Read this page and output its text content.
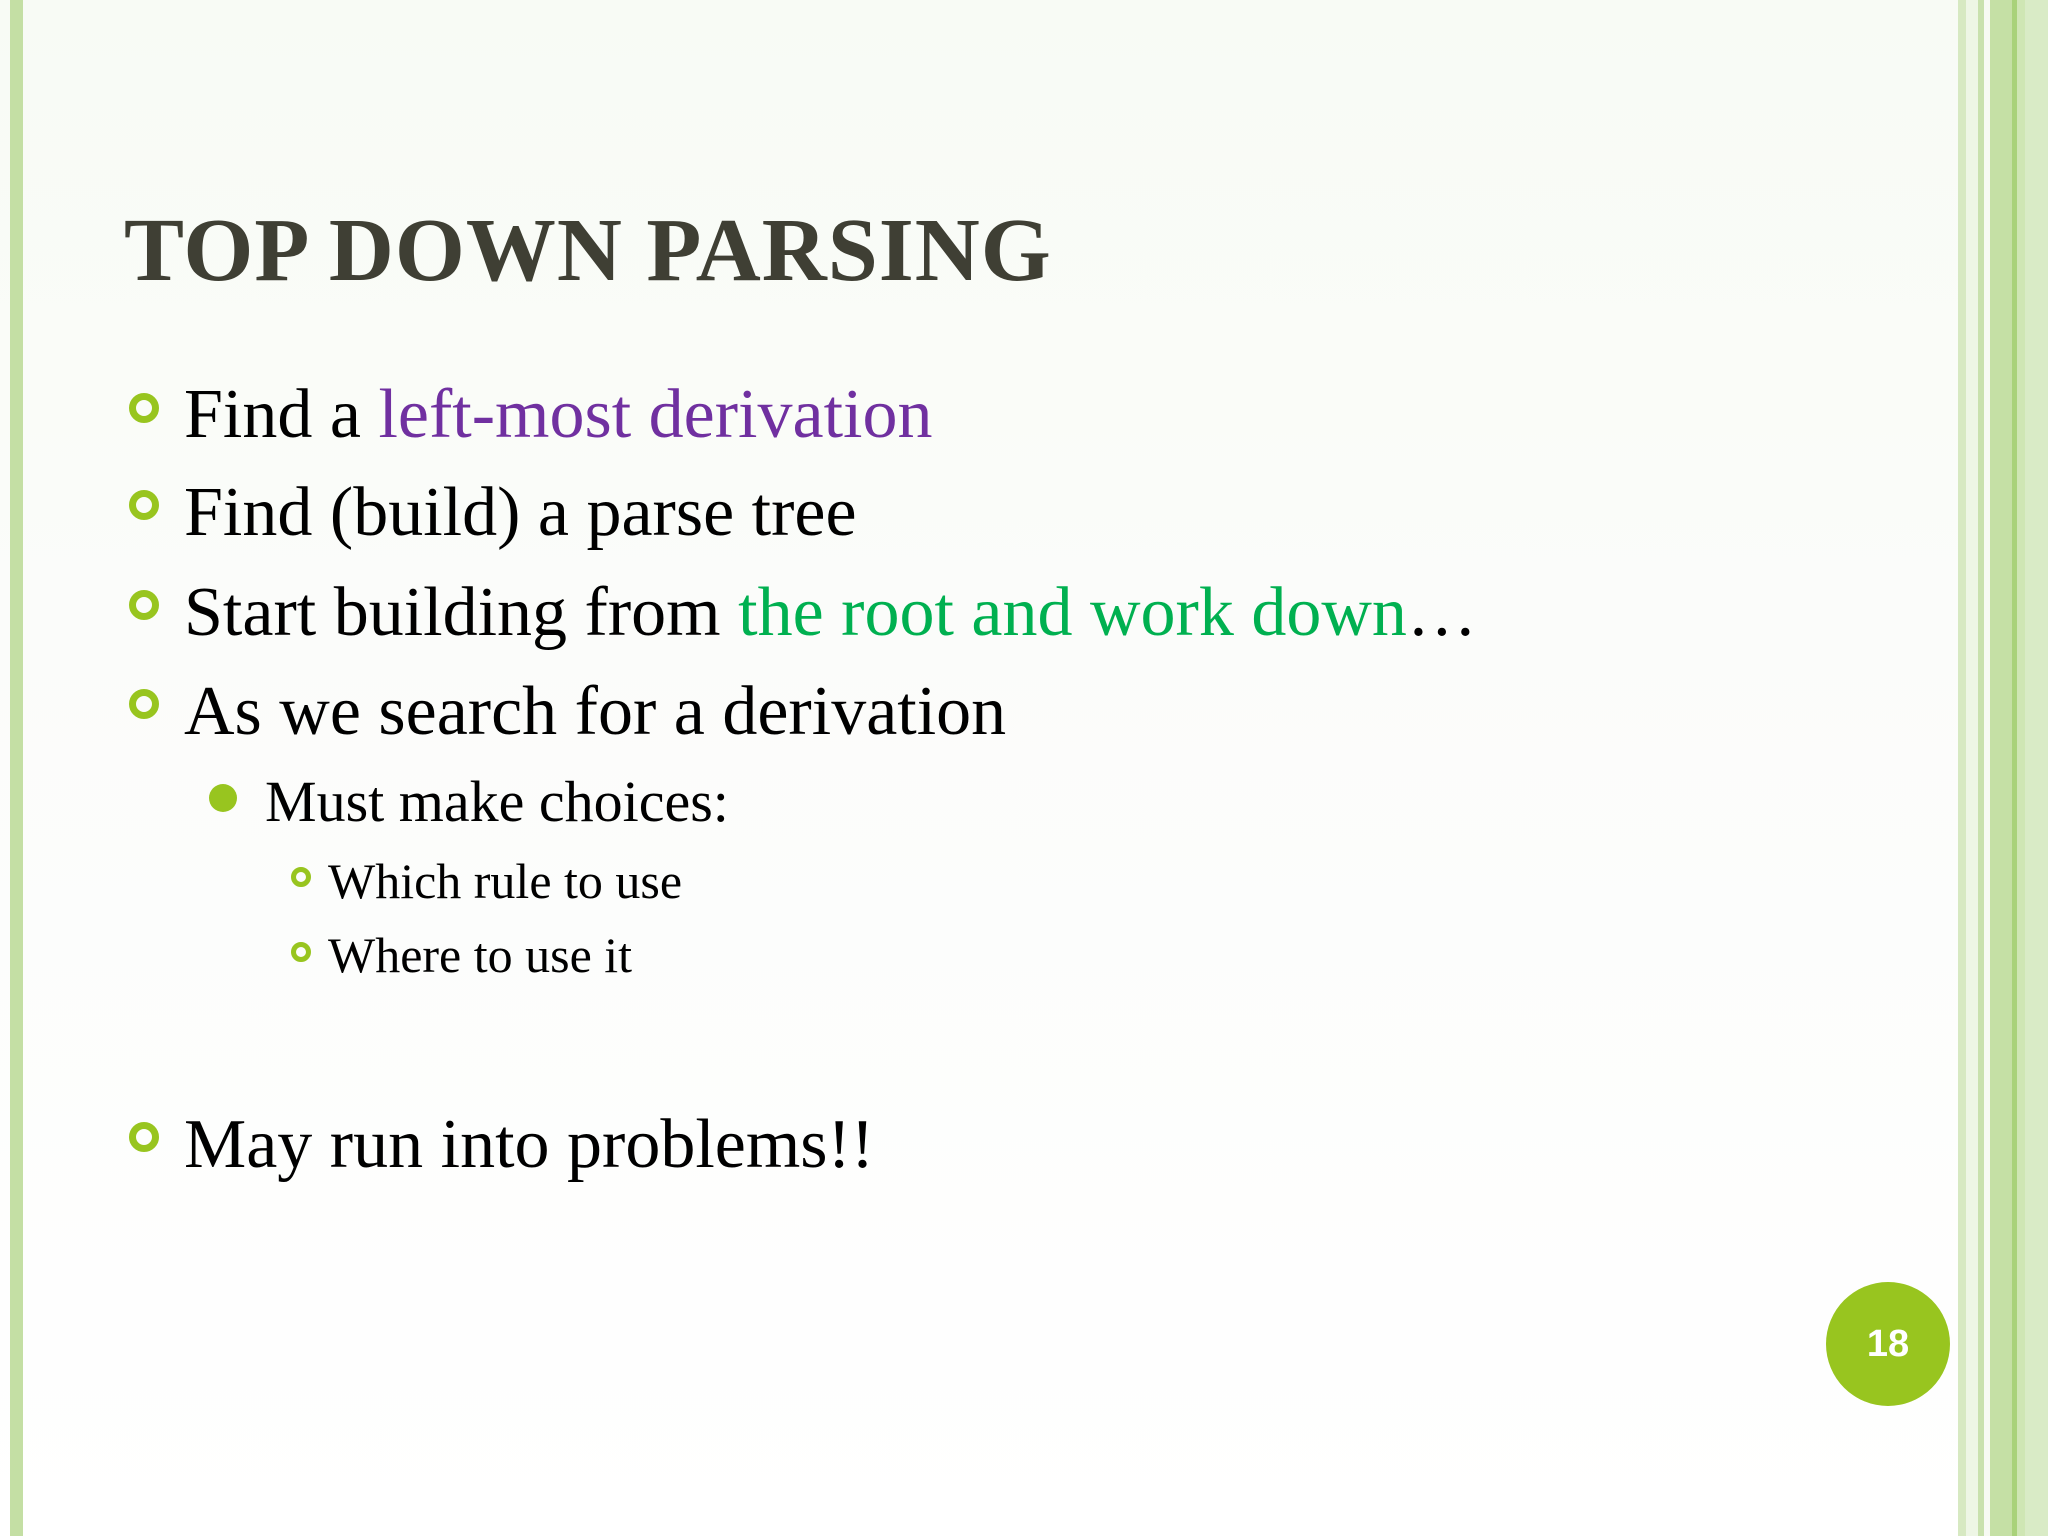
TOP DOWN PARSING
Find a left-most derivation
Find (build) a parse tree
Start building from the root and work down…
As we search for a derivation
Must make choices:
Which rule to use
Where to use it
May run into problems!!
18
